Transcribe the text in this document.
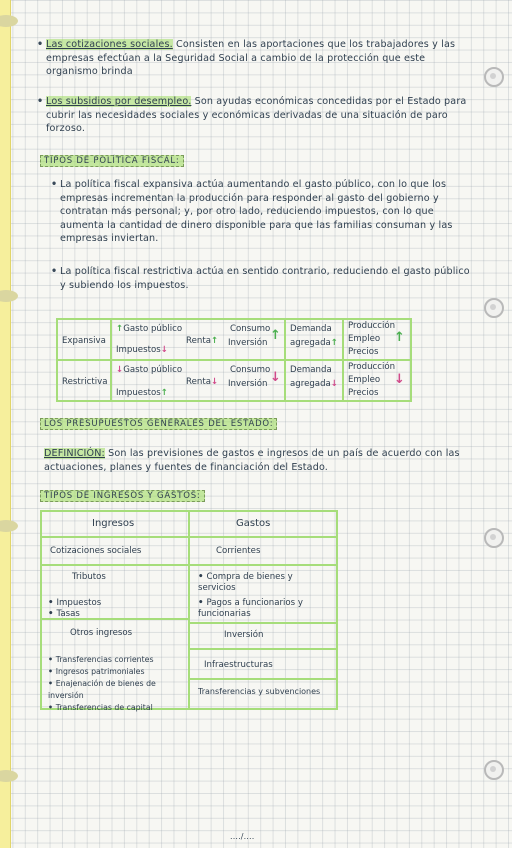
• Las cotizaciones sociales. Consisten en las aportaciones que los trabajadores y las empresas efectúan a la Seguridad Social a cambio de la protección que este organismo brinda
• Los subsidios por desempleo. Son ayudas económicas concedidas por el Estado para cubrir las necesidades sociales y económicas derivadas de una situación de paro forzoso.
TIPOS DE POLÍTICA FISCAL:
• La política fiscal expansiva actúa aumentando el gasto público, con lo que los empresas incrementan la producción para responder al gasto del gobierno y contratan más personal; y, por otro lado, reduciendo impuestos, con lo que aumenta la cantidad de dinero disponible para que las familias consuman y las empresas inviertan.
• La política fiscal restrictiva actúa en sentido contrario, reduciendo el gasto público y subiendo los impuestos.
Expansiva
↑Gasto público
Impuestos↓
Renta↑
Consumo
Inversión ↑ Demanda
agregada↑
Producción
Empleo
Precios
↑
Restrictiva
↓Gasto público
Impuestos↑
Renta↓
Consumo
Inversión ↓ Demanda
agregada↓
Producción
Empleo
Precios
↓
LOS PRESUPUESTOS GENERALES DEL ESTADO:
DEFINICIÓN: Son las previsiones de gastos e ingresos de un país de acuerdo con las actuaciones, planes y fuentes de financiación del Estado.
TIPOS DE INGRESOS Y GASTOS:
Ingresos	Gastos
Cotizaciones sociales
Tributos
• Impuestos
• Tasas
Otros ingresos
• Transferencias corrientes
• Ingresos patrimoniales
• Enajenación de bienes de inversión
• Transferencias de capital
Corrientes
• Compra de bienes y servicios
• Pagos a funcionarios y funcionarias
Inversión
Infraestructuras
Transferencias y subvenciones
..../....
